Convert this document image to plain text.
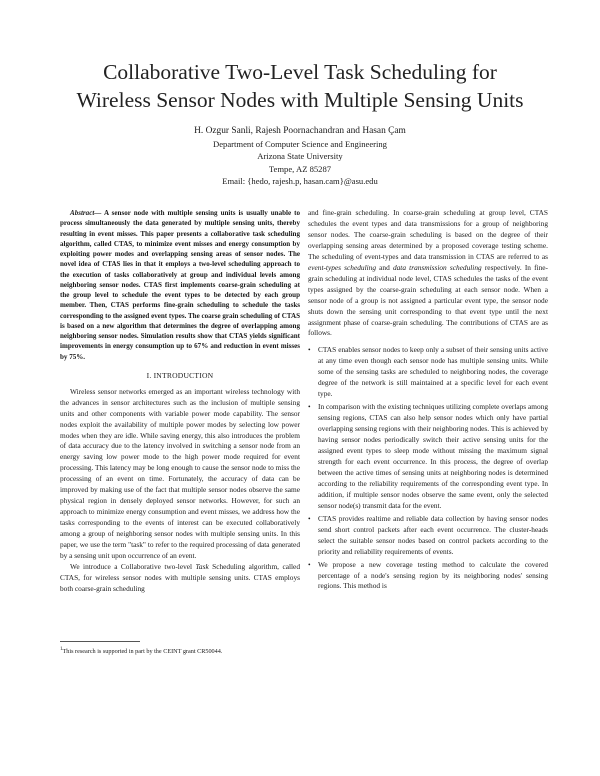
Collaborative Two-Level Task Scheduling for
Wireless Sensor Nodes with Multiple Sensing Units
H. Ozgur Sanli, Rajesh Poornachandran and Hasan Çam
Department of Computer Science and Engineering
Arizona State University
Tempe, AZ 85287
Email: {hedo, rajesh.p, hasan.cam}@asu.edu

Abstract— A sensor node with multiple sensing units is usually unable to process simultaneously the data generated by multiple sensing units, thereby resulting in event misses. This paper presents a collaborative task scheduling algorithm, called CTAS, to minimize event misses and energy consumption by exploiting power modes and overlapping sensing areas of sensor nodes. The novel idea of CTAS lies in that it employs a two-level scheduling approach to the execution of tasks collaboratively at group and individual levels among neighboring sensor nodes. CTAS first implements coarse-grain scheduling at the group level to schedule the event types to be detected by each group member. Then, CTAS performs fine-grain scheduling to schedule the tasks corresponding to the assigned event types. The coarse grain scheduling of CTAS is based on a new algorithm that determines the degree of overlapping among neighboring sensor nodes. Simulation results show that CTAS yields significant improvements in energy consumption up to 67% and reduction in event misses by 75%.

I. INTRODUCTION

Wireless sensor networks emerged as an important wireless technology with the advances in sensor architectures such as the inclusion of multiple sensing units and other components with variable power mode capability. The sensor nodes exploit the availability of multiple power modes by selecting low power modes when they are idle. While saving energy, this also introduces the problem of data accuracy due to the latency involved in switching a sensor node from an energy saving low power mode to the high power mode required for event processing. This latency may be long enough to cause the sensor node to miss the processing of an event on time. Fortunately, the accuracy of data can be improved by making use of the fact that multiple sensor nodes observe the same physical region in densely deployed sensor networks. However, for such an approach to minimize energy consumption and event misses, we address how the tasks corresponding to the events of interest can be executed collaboratively among a group of neighboring sensor nodes with multiple sensing units. In this paper, we use the term "task" to refer to the required processing of data generated by a sensing unit upon occurrence of an event.

We introduce a Collaborative two-level Task Scheduling algorithm, called CTAS, for wireless sensor nodes with multiple sensing units. CTAS employs both coarse-grain scheduling

$^1$This research is supported in part by the CEINT grant CR50044.

and fine-grain scheduling. In coarse-grain scheduling at group level, CTAS schedules the event types and data transmissions for a group of neighboring sensor nodes. The coarse-grain scheduling is based on the degree of their overlapping sensing areas determined by a proposed coverage testing scheme. The scheduling of event-types and data transmission in CTAS are referred to as event-types scheduling and data transmission scheduling respectively. In fine-grain scheduling at individual node level, CTAS schedules the tasks of the event types assigned by the coarse-grain scheduling at each sensor node. When a sensor node of a group is not assigned a particular event type, the sensor node shuts down the sensing unit corresponding to that event type until the next assignment phase of coarse-grain scheduling. The contributions of CTAS are as follows.

• CTAS enables sensor nodes to keep only a subset of their sensing units active at any time even though each sensor node has multiple sensing units. While some of the sensing tasks are scheduled to neighboring nodes, the coverage degree of the network is still maintained at a specific level for each event type.
• In comparison with the existing techniques utilizing complete overlaps among sensing regions, CTAS can also help sensor nodes which only have partial overlapping sensing regions with their neighboring nodes. This is achieved by having sensor nodes periodically switch their active sensing units for the assigned event types to sleep mode without missing the maximum signal strength for each event occurrence. In this process, the degree of overlap between the active times of sensing units at neighboring nodes is determined according to the reliability requirements of the corresponding event type. In addition, if multiple sensor nodes observe the same event, only the selected sensor node(s) transmit data for the event.
• CTAS provides realtime and reliable data collection by having sensor nodes send short control packets after each event occurrence. The cluster-heads select the suitable sensor nodes based on control packets according to the priority and reliability requirements of events.
• We propose a new coverage testing method to calculate the covered percentage of a node's sensing region by its neighboring nodes' sensing regions. This method is
